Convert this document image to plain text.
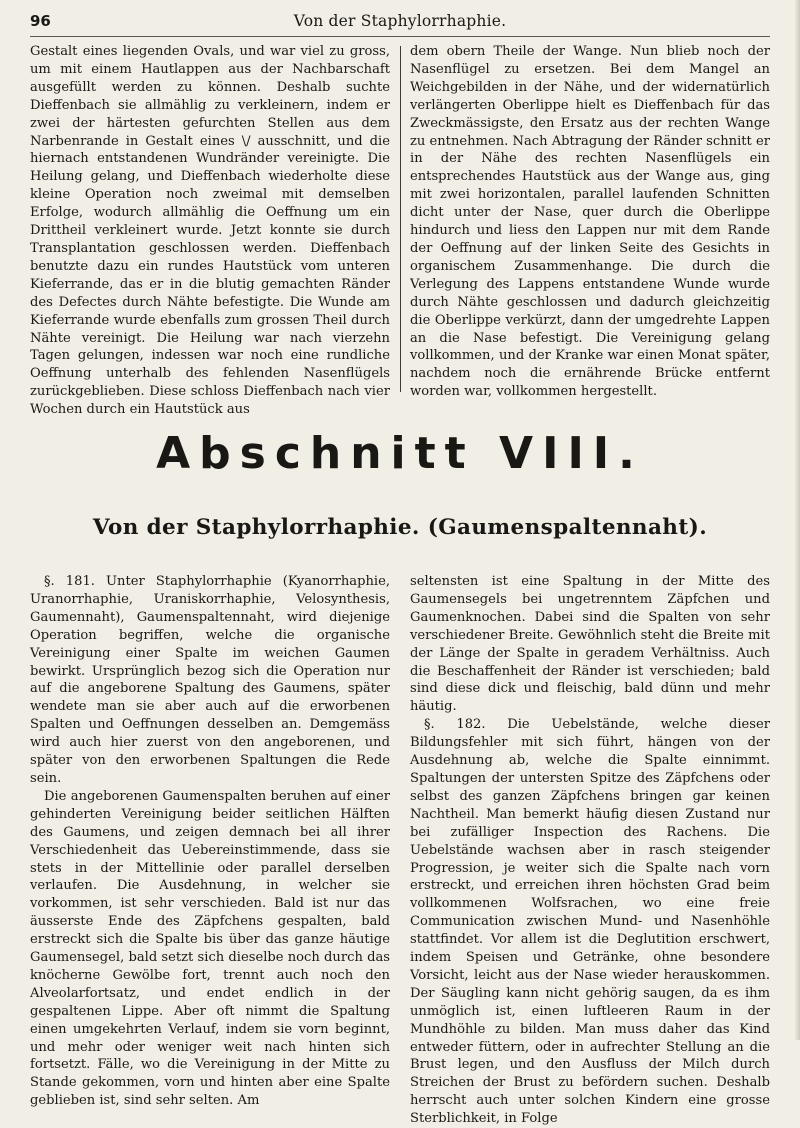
96	Von der Staphylorrhaphie.

Gestalt eines liegenden Ovals, und war viel zu gross, um mit einem Hautlappen aus der Nachbarschaft ausgefüllt werden zu können. Deshalb suchte Dieffenbach sie allmählig zu verkleinern, indem er zwei der härtesten gefurchten Stellen aus dem Narbenrande in Gestalt eines \/ ausschnitt, und die hiernach entstandenen Wundränder vereinigte. Die Heilung gelang, und Dieffenbach wiederholte diese kleine Operation noch zweimal mit demselben Erfolge, wodurch allmählig die Oeffnung um ein Drittheil verkleinert wurde. Jetzt konnte sie durch Transplantation geschlossen werden. Dieffenbach benutzte dazu ein rundes Hautstück vom unteren Kieferrande, das er in die blutig gemachten Ränder des Defectes durch Nähte befestigte. Die Wunde am Kieferrande wurde ebenfalls zum grossen Theil durch Nähte vereinigt. Die Heilung war nach vierzehn Tagen gelungen, indessen war noch eine rundliche Oeffnung unterhalb des fehlenden Nasenflügels zurückgeblieben. Diese schloss Dieffenbach nach vier Wochen durch ein Hautstück aus

dem obern Theile der Wange. Nun blieb noch der Nasenflügel zu ersetzen. Bei dem Mangel an Weichgebilden in der Nähe, und der widernatürlich verlängerten Oberlippe hielt es Dieffenbach für das Zweckmässigste, den Ersatz aus der rechten Wange zu entnehmen. Nach Abtragung der Ränder schnitt er in der Nähe des rechten Nasenflügels ein entsprechendes Hautstück aus der Wange aus, ging mit zwei horizontalen, parallel laufenden Schnitten dicht unter der Nase, quer durch die Oberlippe hindurch und liess den Lappen nur mit dem Rande der Oeffnung auf der linken Seite des Gesichts in organischem Zusammenhange. Die durch die Verlegung des Lappens entstandene Wunde wurde durch Nähte geschlossen und dadurch gleichzeitig die Oberlippe verkürzt, dann der umgedrehte Lappen an die Nase befestigt. Die Vereinigung gelang vollkommen, und der Kranke war einen Monat später, nachdem noch die ernährende Brücke entfernt worden war, vollkommen hergestellt.

Abschnitt VIII.
Von der Staphylorrhaphie. (Gaumenspaltennaht).

§. 181. Unter Staphylorrhaphie (Kyanorrhaphie, Uranorrhaphie, Uraniskorrhaphie, Velosynthesis, Gaumennaht), Gaumenspaltennaht, wird diejenige Operation begriffen, welche die organische Vereinigung einer Spalte im weichen Gaumen bewirkt. Ursprünglich bezog sich die Operation nur auf die angeborene Spaltung des Gaumens, später wendete man sie aber auch auf die erworbenen Spalten und Oeffnungen desselben an. Demgemäss wird auch hier zuerst von den angeborenen, und später von den erworbenen Spaltungen die Rede sein.

Die angeborenen Gaumenspalten beruhen auf einer gehinderten Vereinigung beider seitlichen Hälften des Gaumens, und zeigen demnach bei all ihrer Verschiedenheit das Uebereinstimmende, dass sie stets in der Mittellinie oder parallel derselben verlaufen. Die Ausdehnung, in welcher sie vorkommen, ist sehr verschieden. Bald ist nur das äusserste Ende des Zäpfchens gespalten, bald erstreckt sich die Spalte bis über das ganze häutige Gaumensegel, bald setzt sich dieselbe noch durch das knöcherne Gewölbe fort, trennt auch noch den Alveolarfortsatz, und endet endlich in der gespaltenen Lippe. Aber oft nimmt die Spaltung einen umgekehrten Verlauf, indem sie vorn beginnt, und mehr oder weniger weit nach hinten sich fortsetzt. Fälle, wo die Vereinigung in der Mitte zu Stande gekommen, vorn und hinten aber eine Spalte geblieben ist, sind sehr selten. Am

seltensten ist eine Spaltung in der Mitte des Gaumensegels bei ungetrenntem Zäpfchen und Gaumenknochen. Dabei sind die Spalten von sehr verschiedener Breite. Gewöhnlich steht die Breite mit der Länge der Spalte in geradem Verhältniss. Auch die Beschaffenheit der Ränder ist verschieden; bald sind diese dick und fleischig, bald dünn und mehr häutig.

§. 182. Die Uebelstände, welche dieser Bildungsfehler mit sich führt, hängen von der Ausdehnung ab, welche die Spalte einnimmt. Spaltungen der untersten Spitze des Zäpfchens oder selbst des ganzen Zäpfchens bringen gar keinen Nachtheil. Man bemerkt häufig diesen Zustand nur bei zufälliger Inspection des Rachens. Die Uebelstände wachsen aber in rasch steigender Progression, je weiter sich die Spalte nach vorn erstreckt, und erreichen ihren höchsten Grad beim vollkommenen Wolfsrachen, wo eine freie Communication zwischen Mund- und Nasenhöhle stattfindet. Vor allem ist die Deglutition erschwert, indem Speisen und Getränke, ohne besondere Vorsicht, leicht aus der Nase wieder herauskommen. Der Säugling kann nicht gehörig saugen, da es ihm unmöglich ist, einen luftleeren Raum in der Mundhöhle zu bilden. Man muss daher das Kind entweder füttern, oder in aufrechter Stellung an die Brust legen, und den Ausfluss der Milch durch Streichen der Brust zu befördern suchen. Deshalb herrscht auch unter solchen Kindern eine grosse Sterblichkeit, in Folge
